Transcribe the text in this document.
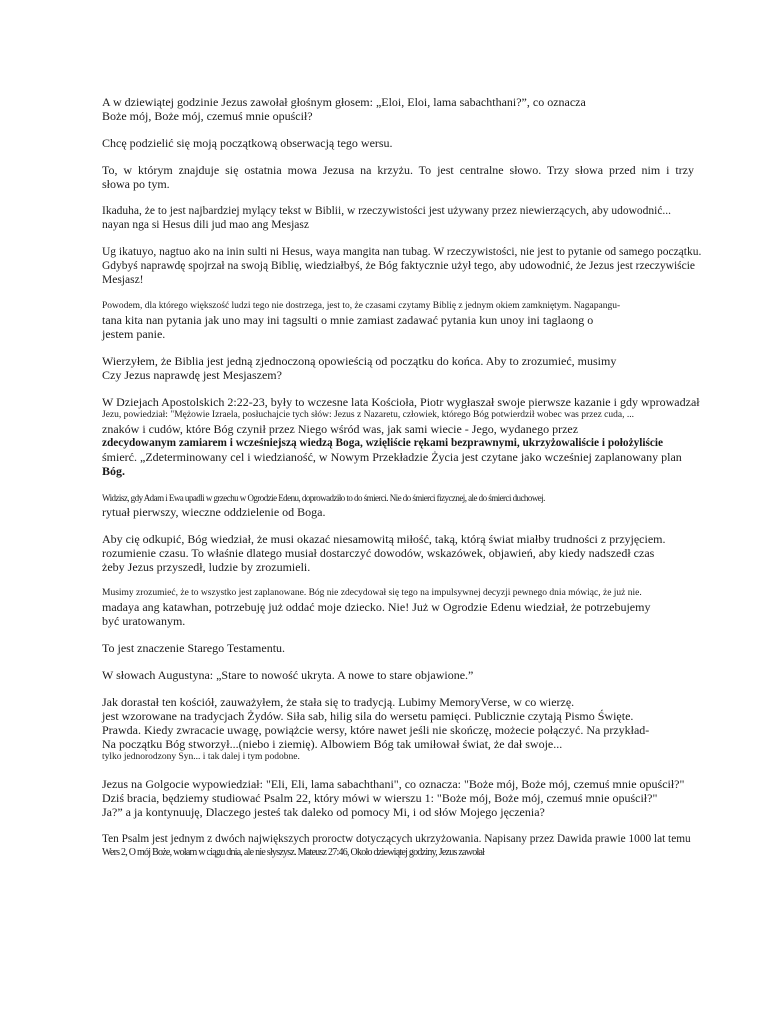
A w dziewiątej godzinie Jezus zawołał głośnym głosem: „Eloi, Eloi, lama sabachthani?”, co oznacza
Boże mój, Boże mój, czemuś mnie opuścił?

Chcę podzielić się moją początkową obserwacją tego wersu.

To, w którym znajduje się ostatnia mowa Jezusa na krzyżu. To jest centralne słowo. Trzy słowa przed nim i trzy
słowa po tym.

Ikaduha, że to jest najbardziej mylący tekst w Biblii, w rzeczywistości jest używany przez niewierzących, aby udowodnić...
nayan nga si Hesus dili jud mao ang Mesjasz

Ug ikatuyo, nagtuo ako na inin sulti ni Hesus, waya mangita nan tubag. W rzeczywistości, nie jest to pytanie od samego początku.
Gdybyś naprawdę spojrzał na swoją Biblię, wiedziałbyś, że Bóg faktycznie użył tego, aby udowodnić, że Jezus jest rzeczywiście
Mesjasz!

Powodem, dla którego większość ludzi tego nie dostrzega, jest to, że czasami czytamy Biblię z jednym okiem zamkniętym. Nagapangu-
tana kita nan pytania jak uno may ini tagsulti o mnie zamiast zadawać pytania kun unoy ini taglaong o
jestem panie.

Wierzyłem, że Biblia jest jedną zjednoczoną opowieścią od początku do końca. Aby to zrozumieć, musimy
Czy Jezus naprawdę jest Mesjaszem?

W Dziejach Apostolskich 2:22-23, były to wczesne lata Kościoła, Piotr wygłaszał swoje pierwsze kazanie i gdy wprowadzał
Jezu, powiedział: "Mężowie Izraela, posłuchajcie tych słów: Jezus z Nazaretu, człowiek, którego Bóg potwierdził wobec was przez cuda, ...
znaków i cudów, które Bóg czynił przez Niego wśród was, jak sami wiecie - Jego, wydanego przez
zdecydowanym zamiarem i wcześniejszą wiedzą Boga, wzięliście rękami bezprawnymi, ukrzyżowaliście i położyliście
śmierć. „Zdeterminowany cel i wiedzianość, w Nowym Przekładzie Życia jest czytane jako wcześniej zaplanowany plan
Bóg.

Widzisz, gdy Adam i Ewa upadli w grzechu w Ogrodzie Edenu, doprowadziło to do śmierci. Nie do śmierci fizycznej, ale do śmierci duchowej.
rytuał pierwszy, wieczne oddzielenie od Boga.

Aby cię odkupić, Bóg wiedział, że musi okazać niesamowitą miłość, taką, którą świat miałby trudności z przyjęciem.
rozumienie czasu. To właśnie dlatego musiał dostarczyć dowodów, wskazówek, objawień, aby kiedy nadszedł czas
żeby Jezus przyszedł, ludzie by zrozumieli.

Musimy zrozumieć, że to wszystko jest zaplanowane. Bóg nie zdecydował się tego na impulsywnej decyzji pewnego dnia mówiąc, że już nie.
madaya ang katawhan, potrzebuję już oddać moje dziecko. Nie! Już w Ogrodzie Edenu wiedział, że potrzebujemy
być uratowanym.

To jest znaczenie Starego Testamentu.

W słowach Augustyna: „Stare to nowość ukryta. A nowe to stare objawione.”

Jak dorastał ten kościół, zauważyłem, że stała się to tradycją. Lubimy MemoryVerse, w co wierzę.
jest wzorowane na tradycjach Żydów. Siła sab, hilig sila do wersetu pamięci. Publicznie czytają Pismo Święte.
Prawda. Kiedy zwracacie uwagę, powiążcie wersy, które nawet jeśli nie skończę, możecie połączyć. Na przykład-
Na początku Bóg stworzył...(niebo i ziemię). Albowiem Bóg tak umiłował świat, że dał swoje...
tylko jednorodzony Syn... i tak dalej i tym podobne.

Jezus na Golgocie wypowiedział: "Eli, Eli, lama sabachthani", co oznacza: "Boże mój, Boże mój, czemuś mnie opuścił?"
Dziś bracia, będziemy studiować Psalm 22, który mówi w wierszu 1: "Boże mój, Boże mój, czemuś mnie opuścił?"
Ja?” a ja kontynuuję, Dlaczego jesteś tak daleko od pomocy Mi, i od słów Mojego jęczenia?

Ten Psalm jest jednym z dwóch największych proroctw dotyczących ukrzyżowania. Napisany przez Dawida prawie 1000 lat temu
Wers 2, O mój Boże, wołam w ciągu dnia, ale nie słyszysz. Mateusz 27:46, Około dziewiątej godziny, Jezus zawołał
